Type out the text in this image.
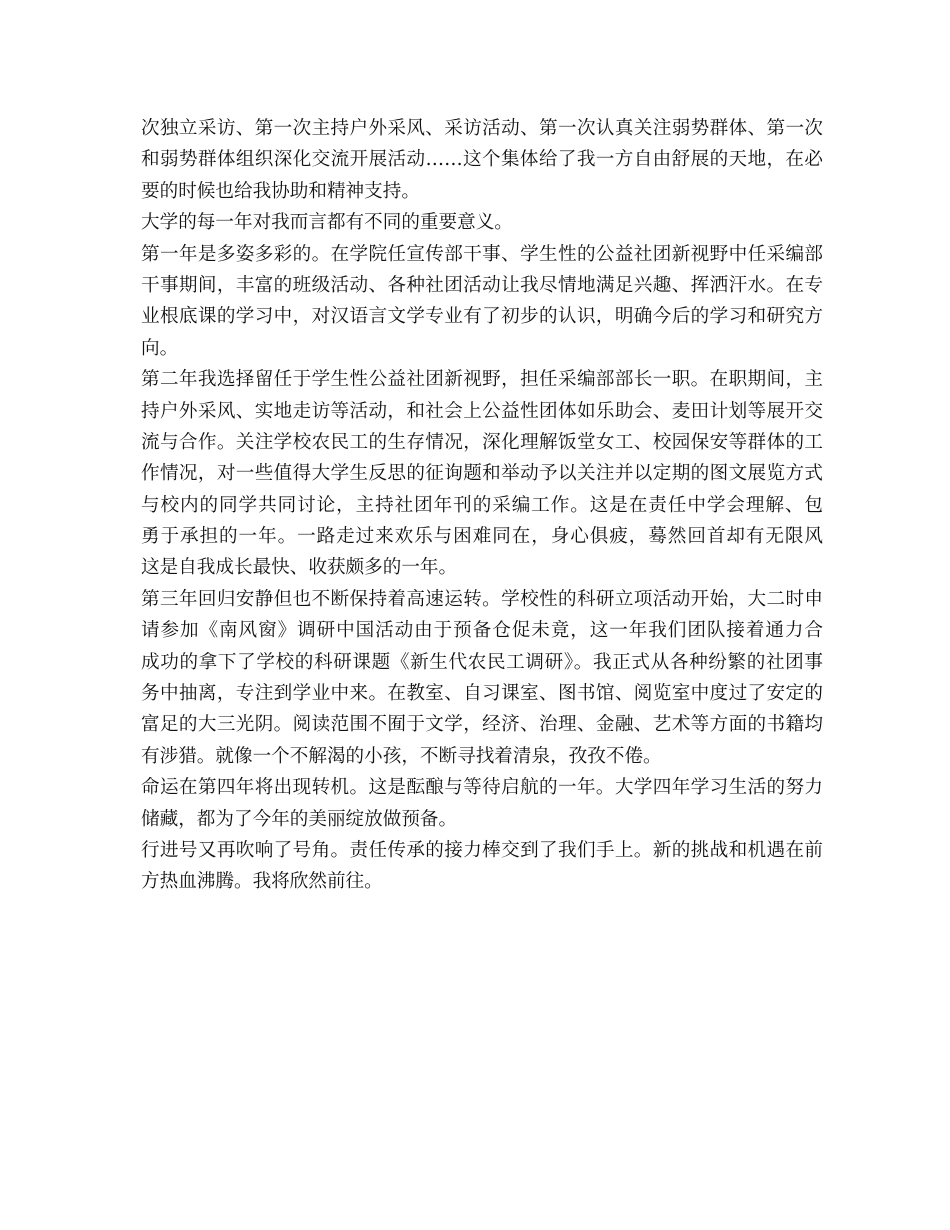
次独立采访、第一次主持户外采风、采访活动、第一次认真关注弱势群体、第一次
和弱势群体组织深化交流开展活动……这个集体给了我一方自由舒展的天地，在必
要的时候也给我协助和精神支持。
大学的每一年对我而言都有不同的重要意义。
第一年是多姿多彩的。在学院任宣传部干事、学生性的公益社团新视野中任采编部
干事期间，丰富的班级活动、各种社团活动让我尽情地满足兴趣、挥洒汗水。在专
业根底课的学习中，对汉语言文学专业有了初步的认识，明确今后的学习和研究方
向。
第二年我选择留任于学生性公益社团新视野，担任采编部部长一职。在职期间，主
持户外采风、实地走访等活动，和社会上公益性团体如乐助会、麦田计划等展开交
流与合作。关注学校农民工的生存情况，深化理解饭堂女工、校园保安等群体的工
作情况，对一些值得大学生反思的征询题和举动予以关注并以定期的图文展览方式
与校内的同学共同讨论，主持社团年刊的采编工作。这是在责任中学会理解、包
勇于承担的一年。一路走过来欢乐与困难同在，身心俱疲，蓦然回首却有无限风
这是自我成长最快、收获颇多的一年。
第三年回归安静但也不断保持着高速运转。学校性的科研立项活动开始，大二时申
请参加《南风窗》调研中国活动由于预备仓促未竟，这一年我们团队接着通力合
成功的拿下了学校的科研课题《新生代农民工调研》。我正式从各种纷繁的社团事
务中抽离，专注到学业中来。在教室、自习课室、图书馆、阅览室中度过了安定的
富足的大三光阴。阅读范围不囿于文学，经济、治理、金融、艺术等方面的书籍均
有涉猎。就像一个不解渴的小孩，不断寻找着清泉，孜孜不倦。
命运在第四年将出现转机。这是酝酿与等待启航的一年。大学四年学习生活的努力
储藏，都为了今年的美丽绽放做预备。
行进号又再吹响了号角。责任传承的接力棒交到了我们手上。新的挑战和机遇在前
方热血沸腾。我将欣然前往。
